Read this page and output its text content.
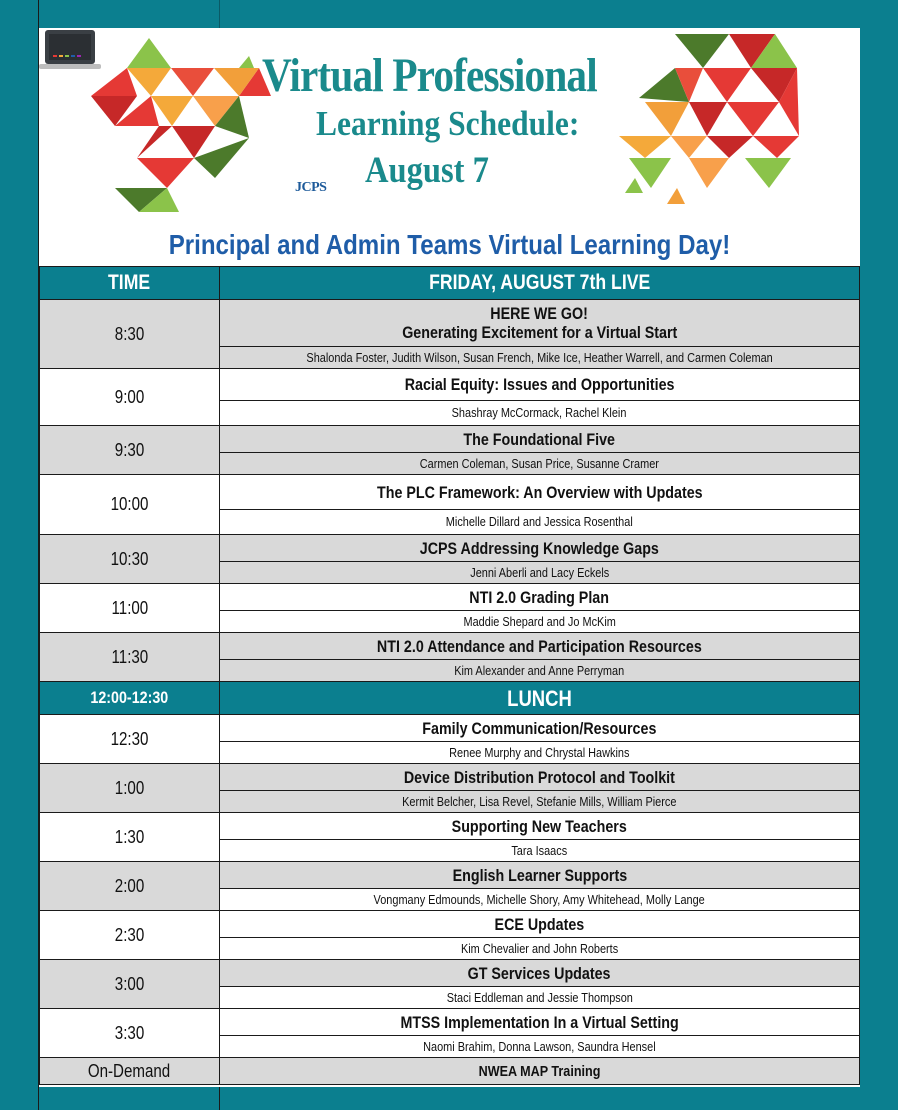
Virtual Professional
Learning Schedule:
August 7
JCPS
NTI
Principal and Admin Teams Virtual Learning Day!
TIME	FRIDAY, AUGUST 7th LIVE
8:30	HERE WE GO!
Generating Excitement for a Virtual Start
	Shalonda Foster, Judith Wilson, Susan French, Mike Ice, Heather Warrell, and Carmen Coleman
9:00	Racial Equity: Issues and Opportunities
	Shashray McCormack, Rachel Klein
9:30	The Foundational Five
	Carmen Coleman, Susan Price, Susanne Cramer
10:00	The PLC Framework: An Overview with Updates
	Michelle Dillard and Jessica Rosenthal
10:30	JCPS Addressing Knowledge Gaps
	Jenni Aberli and Lacy Eckels
11:00	NTI 2.0 Grading Plan
	Maddie Shepard and Jo McKim
11:30	NTI 2.0 Attendance and Participation Resources
	Kim Alexander and Anne Perryman
12:00-12:30	LUNCH
12:30	Family Communication/Resources
	Renee Murphy and Chrystal Hawkins
1:00	Device Distribution Protocol and Toolkit
	Kermit Belcher, Lisa Revel, Stefanie Mills, William Pierce
1:30	Supporting New Teachers
	Tara Isaacs
2:00	English Learner Supports
	Vongmany Edmounds, Michelle Shory, Amy Whitehead, Molly Lange
2:30	ECE Updates
	Kim Chevalier and John Roberts
3:00	GT Services Updates
	Staci Eddleman and Jessie Thompson
3:30	MTSS Implementation In a Virtual Setting
	Naomi Brahim, Donna Lawson, Saundra Hensel
On-Demand	NWEA MAP Training
